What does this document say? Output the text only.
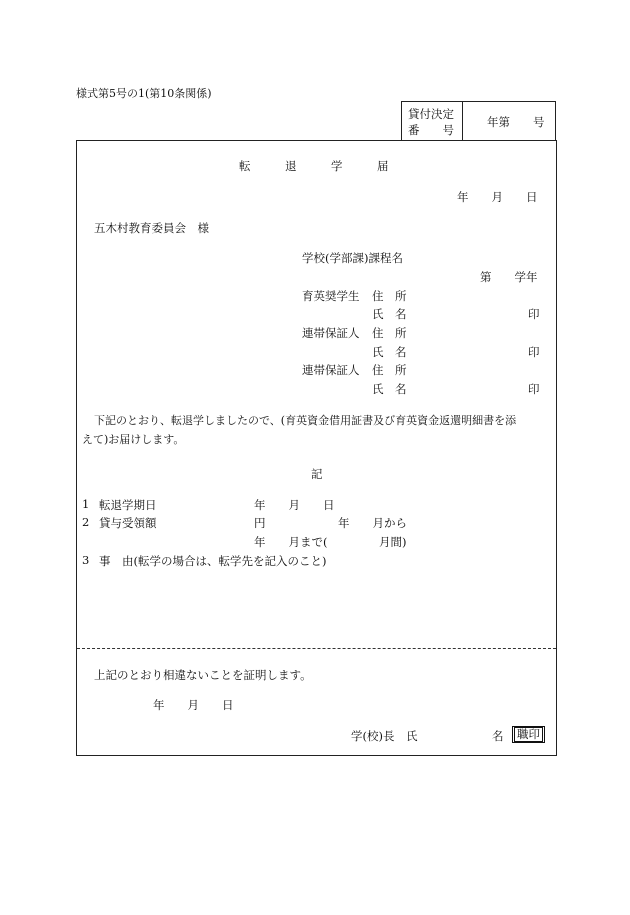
様式第5号の1(第10条関係)
貸付決定
番　　号
年第　　号
転　　　退　　　学　　　届
年　　月　　日
五木村教育委員会　様
学校(学部課)課程名
第　　学年
育英奨学生 住　所
氏　名	印
連帯保証人 住　所
氏　名	印
連帯保証人 住　所
氏　名	印
下記のとおり、転退学しましたので、(育英資金借用証書及び育英資金返還明細書を添
えて)お届けします。
記
1 転退学期日	年　　月　　日
2 貸与受領額	円	年　　月から
年　　月まで(	月間)
3 事　由(転学の場合は、転学先を記入のこと)
上記のとおり相違ないことを証明します。
年　　月　　日
学(校)長　氏	名	職印
